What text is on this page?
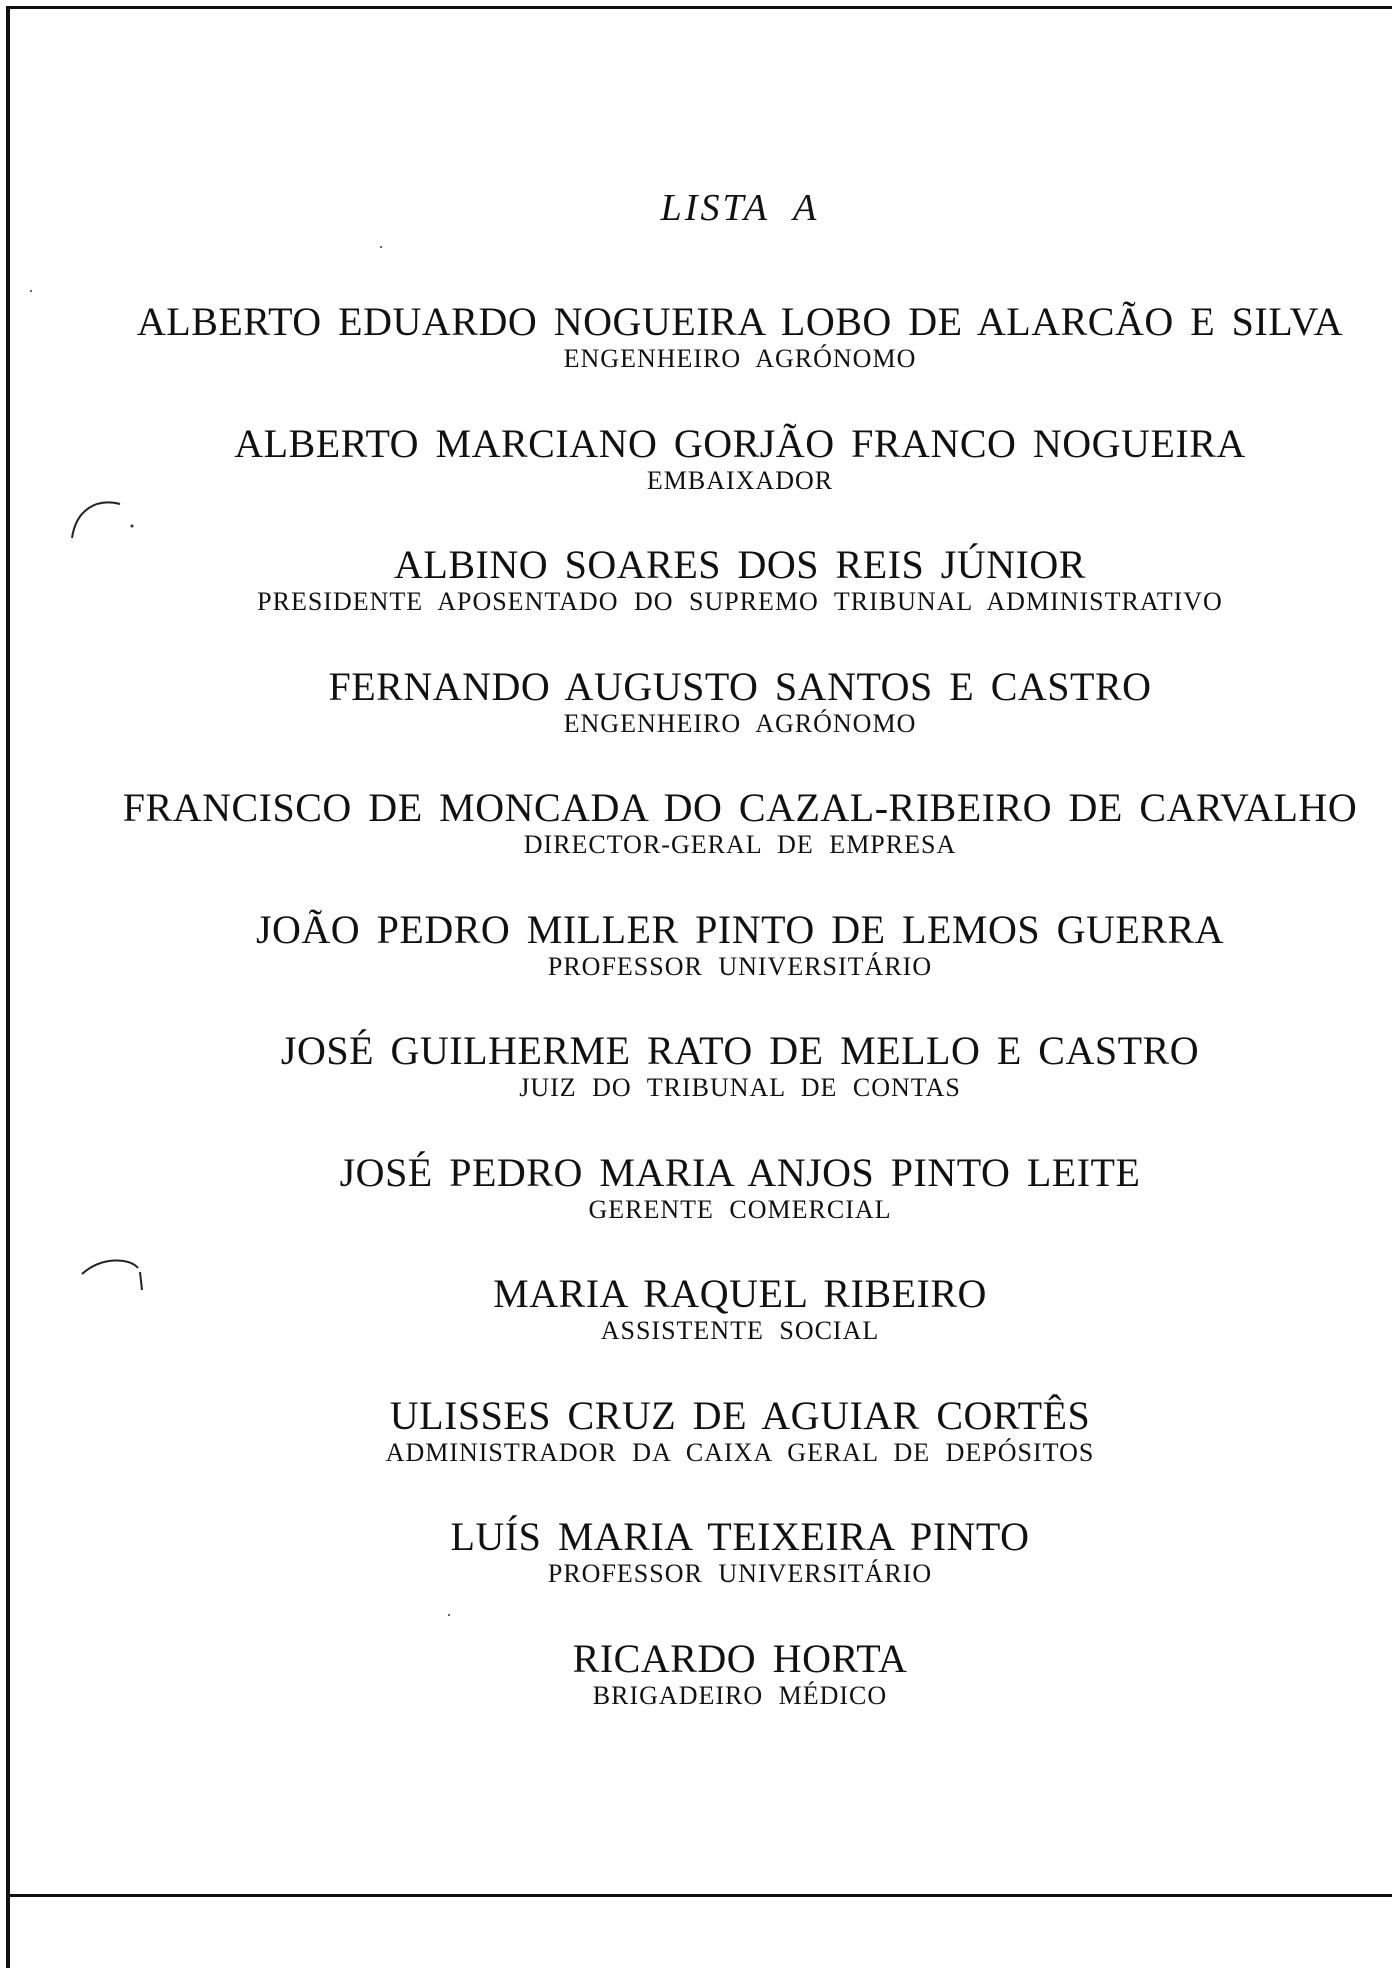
LISTA A
ALBERTO EDUARDO NOGUEIRA LOBO DE ALARCÃO E SILVA
ENGENHEIRO AGRÓNOMO
ALBERTO MARCIANO GORJÃO FRANCO NOGUEIRA
EMBAIXADOR
ALBINO SOARES DOS REIS JÚNIOR
PRESIDENTE APOSENTADO DO SUPREMO TRIBUNAL ADMINISTRATIVO
FERNANDO AUGUSTO SANTOS E CASTRO
ENGENHEIRO AGRÓNOMO
FRANCISCO DE MONCADA DO CAZAL-RIBEIRO DE CARVALHO
DIRECTOR-GERAL DE EMPRESA
JOÃO PEDRO MILLER PINTO DE LEMOS GUERRA
PROFESSOR UNIVERSITÁRIO
JOSÉ GUILHERME RATO DE MELLO E CASTRO
JUIZ DO TRIBUNAL DE CONTAS
JOSÉ PEDRO MARIA ANJOS PINTO LEITE
GERENTE COMERCIAL
MARIA RAQUEL RIBEIRO
ASSISTENTE SOCIAL
ULISSES CRUZ DE AGUIAR CORTÊS
ADMINISTRADOR DA CAIXA GERAL DE DEPÓSITOS
LUÍS MARIA TEIXEIRA PINTO
PROFESSOR UNIVERSITÁRIO
RICARDO HORTA
BRIGADEIRO MÉDICO
